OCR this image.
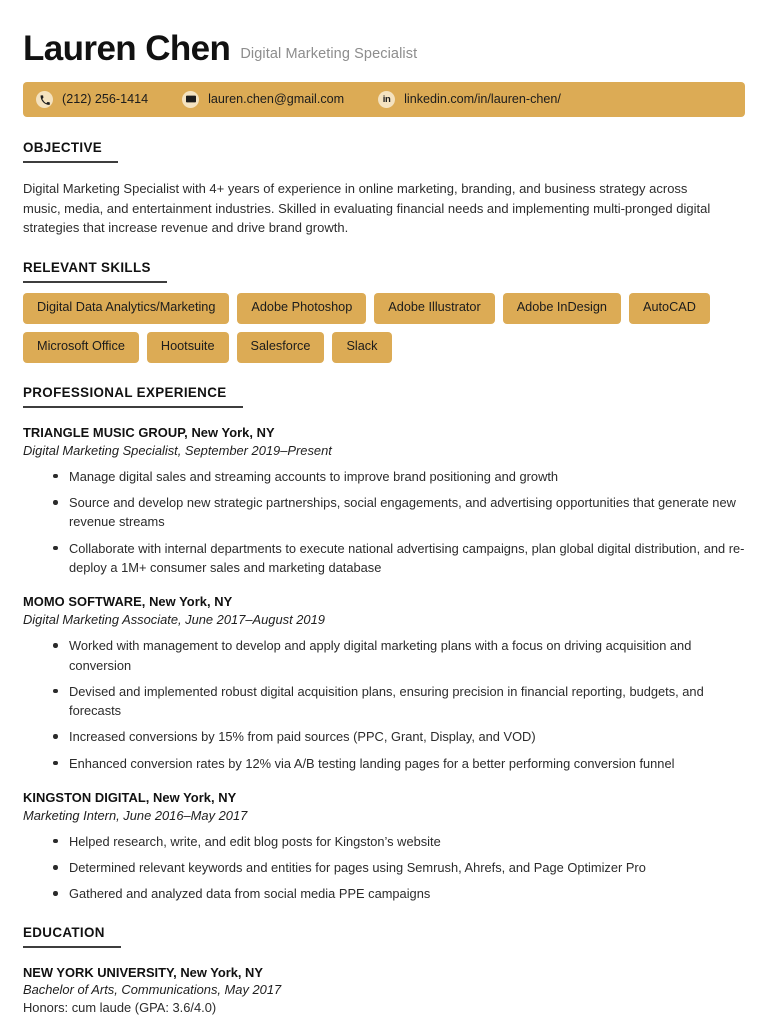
Lauren Chen Digital Marketing Specialist
(212) 256-1414	lauren.chen@gmail.com	in linkedin.com/in/lauren-chen/
OBJECTIVE
Digital Marketing Specialist with 4+ years of experience in online marketing, branding, and business strategy across music, media, and entertainment industries. Skilled in evaluating financial needs and implementing multi-pronged digital strategies that increase revenue and drive brand growth.
RELEVANT SKILLS
Digital Data Analytics/Marketing	Adobe Photoshop	Adobe Illustrator	Adobe InDesign	AutoCAD
Microsoft Office	Hootsuite	Salesforce	Slack
PROFESSIONAL EXPERIENCE
TRIANGLE MUSIC GROUP, New York, NY
Digital Marketing Specialist, September 2019–Present
Manage digital sales and streaming accounts to improve brand positioning and growth
Source and develop new strategic partnerships, social engagements, and advertising opportunities that generate new revenue streams
Collaborate with internal departments to execute national advertising campaigns, plan global digital distribution, and re-deploy a 1M+ consumer sales and marketing database
MOMO SOFTWARE, New York, NY
Digital Marketing Associate, June 2017–August 2019
Worked with management to develop and apply digital marketing plans with a focus on driving acquisition and conversion
Devised and implemented robust digital acquisition plans, ensuring precision in financial reporting, budgets, and forecasts
Increased conversions by 15% from paid sources (PPC, Grant, Display, and VOD)
Enhanced conversion rates by 12% via A/B testing landing pages for a better performing conversion funnel
KINGSTON DIGITAL, New York, NY
Marketing Intern, June 2016–May 2017
Helped research, write, and edit blog posts for Kingston’s website
Determined relevant keywords and entities for pages using Semrush, Ahrefs, and Page Optimizer Pro
Gathered and analyzed data from social media PPE campaigns
EDUCATION
NEW YORK UNIVERSITY, New York, NY
Bachelor of Arts, Communications, May 2017
Honors: cum laude (GPA: 3.6/4.0)
